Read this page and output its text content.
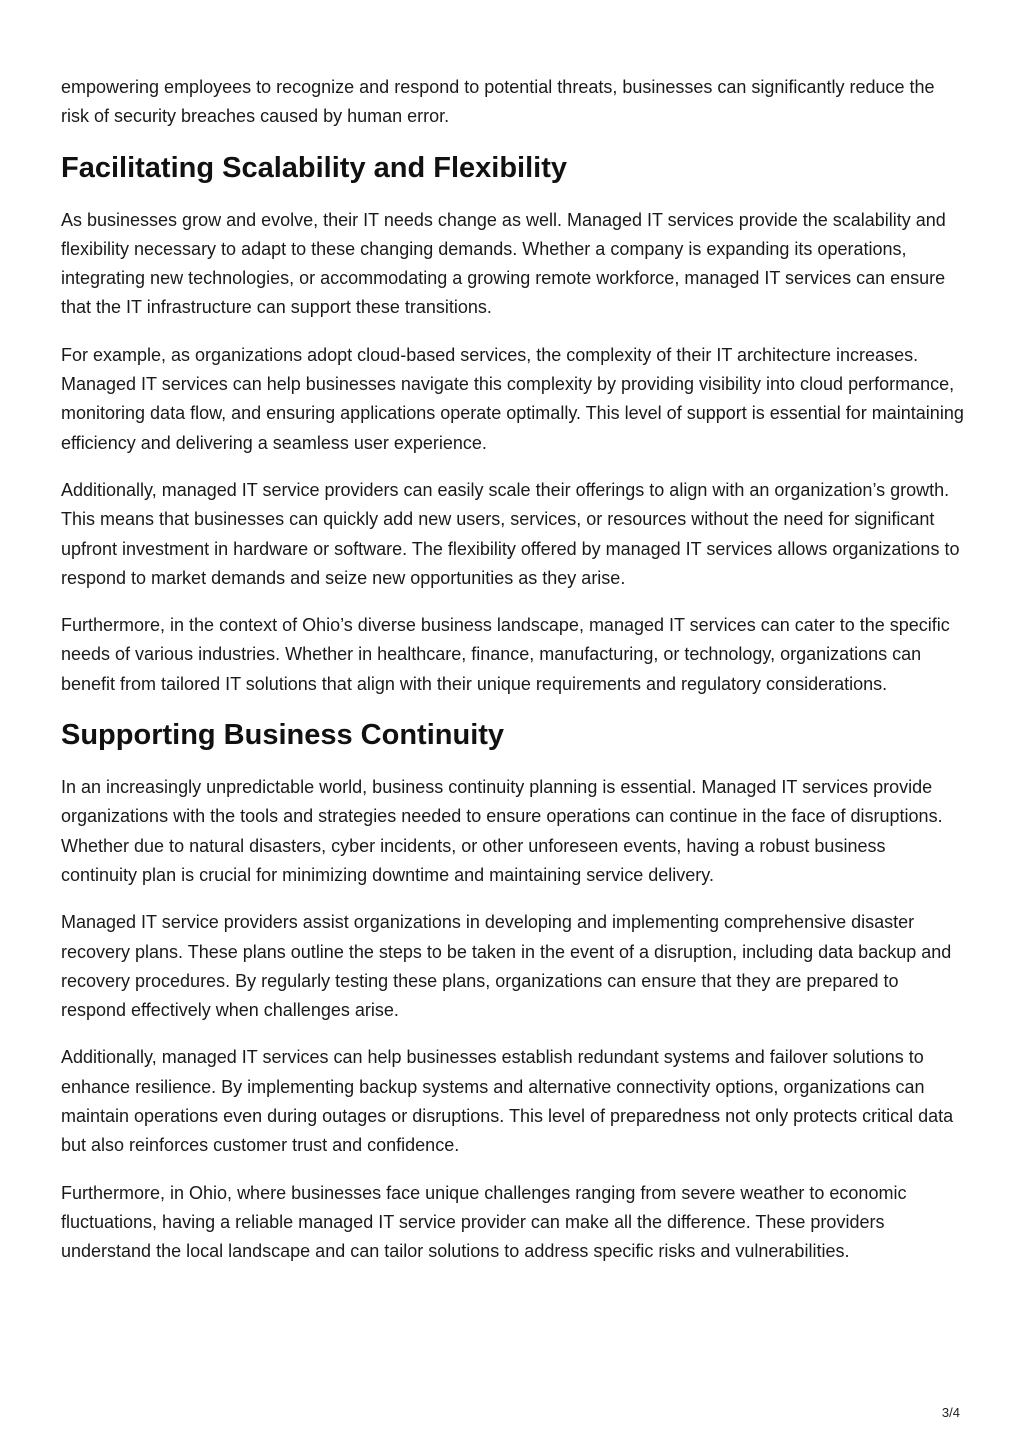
empowering employees to recognize and respond to potential threats, businesses can significantly reduce the risk of security breaches caused by human error.

Facilitating Scalability and Flexibility

As businesses grow and evolve, their IT needs change as well. Managed IT services provide the scalability and flexibility necessary to adapt to these changing demands. Whether a company is expanding its operations, integrating new technologies, or accommodating a growing remote workforce, managed IT services can ensure that the IT infrastructure can support these transitions.

For example, as organizations adopt cloud-based services, the complexity of their IT architecture increases. Managed IT services can help businesses navigate this complexity by providing visibility into cloud performance, monitoring data flow, and ensuring applications operate optimally. This level of support is essential for maintaining efficiency and delivering a seamless user experience.

Additionally, managed IT service providers can easily scale their offerings to align with an organization’s growth. This means that businesses can quickly add new users, services, or resources without the need for significant upfront investment in hardware or software. The flexibility offered by managed IT services allows organizations to respond to market demands and seize new opportunities as they arise.

Furthermore, in the context of Ohio’s diverse business landscape, managed IT services can cater to the specific needs of various industries. Whether in healthcare, finance, manufacturing, or technology, organizations can benefit from tailored IT solutions that align with their unique requirements and regulatory considerations.

Supporting Business Continuity

In an increasingly unpredictable world, business continuity planning is essential. Managed IT services provide organizations with the tools and strategies needed to ensure operations can continue in the face of disruptions. Whether due to natural disasters, cyber incidents, or other unforeseen events, having a robust business continuity plan is crucial for minimizing downtime and maintaining service delivery.

Managed IT service providers assist organizations in developing and implementing comprehensive disaster recovery plans. These plans outline the steps to be taken in the event of a disruption, including data backup and recovery procedures. By regularly testing these plans, organizations can ensure that they are prepared to respond effectively when challenges arise.

Additionally, managed IT services can help businesses establish redundant systems and failover solutions to enhance resilience. By implementing backup systems and alternative connectivity options, organizations can maintain operations even during outages or disruptions. This level of preparedness not only protects critical data but also reinforces customer trust and confidence.

Furthermore, in Ohio, where businesses face unique challenges ranging from severe weather to economic fluctuations, having a reliable managed IT service provider can make all the difference. These providers understand the local landscape and can tailor solutions to address specific risks and vulnerabilities.

3/4
